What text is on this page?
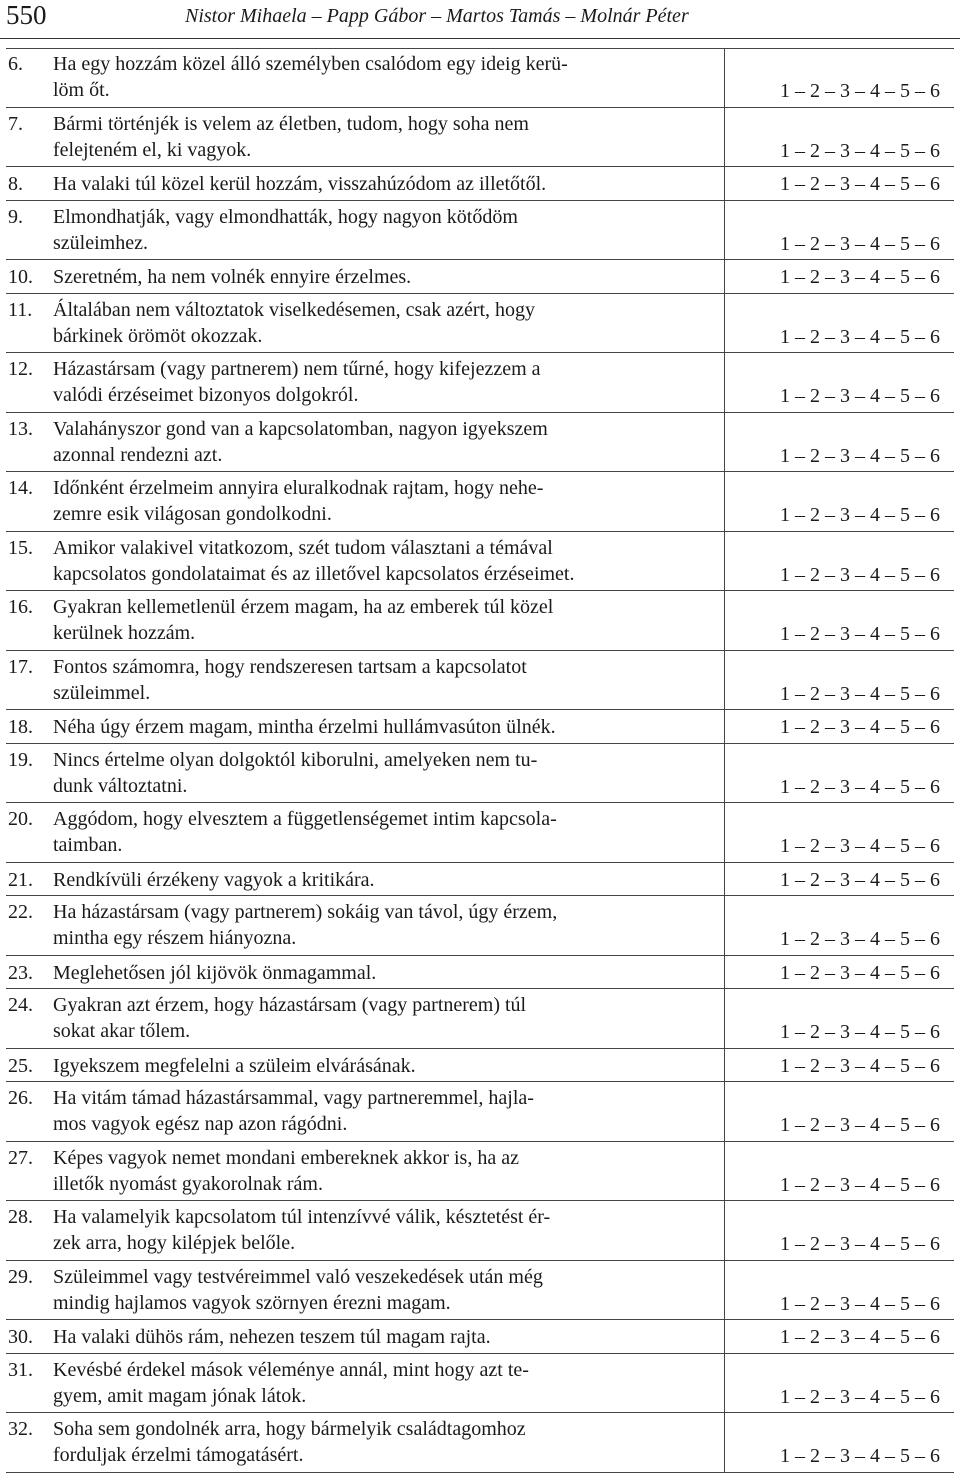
550	Nistor Mihaela – Papp Gábor – Martos Tamás – Molnár Péter
6. Ha egy hozzám közel álló személyben csalódom egy ideig kerü-
löm őt.	1 – 2 – 3 – 4 – 5 – 6
7. Bármi történjék is velem az életben, tudom, hogy soha nem
felejteném el, ki vagyok.	1 – 2 – 3 – 4 – 5 – 6
8. Ha valaki túl közel kerül hozzám, visszahúzódom az illetőtől.	1 – 2 – 3 – 4 – 5 – 6
9. Elmondhatják, vagy elmondhatták, hogy nagyon kötődöm
szüleimhez.	1 – 2 – 3 – 4 – 5 – 6
10. Szeretném, ha nem volnék ennyire érzelmes.	1 – 2 – 3 – 4 – 5 – 6
11. Általában nem változtatok viselkedésemen, csak azért, hogy
bárkinek örömöt okozzak.	1 – 2 – 3 – 4 – 5 – 6
12. Házastársam (vagy partnerem) nem tűrné, hogy kifejezzem a
valódi érzéseimet bizonyos dolgokról.	1 – 2 – 3 – 4 – 5 – 6
13. Valahányszor gond van a kapcsolatomban, nagyon igyekszem
azonnal rendezni azt.	1 – 2 – 3 – 4 – 5 – 6
14. Időnként érzelmeim annyira eluralkodnak rajtam, hogy nehe-
zemre esik világosan gondolkodni.	1 – 2 – 3 – 4 – 5 – 6
15. Amikor valakivel vitatkozom, szét tudom választani a témával
kapcsolatos gondolataimat és az illetővel kapcsolatos érzéseimet.	1 – 2 – 3 – 4 – 5 – 6
16. Gyakran kellemetlenül érzem magam, ha az emberek túl közel
kerülnek hozzám.	1 – 2 – 3 – 4 – 5 – 6
17. Fontos számomra, hogy rendszeresen tartsam a kapcsolatot
szüleimmel.	1 – 2 – 3 – 4 – 5 – 6
18. Néha úgy érzem magam, mintha érzelmi hullámvasúton ülnék.	1 – 2 – 3 – 4 – 5 – 6
19. Nincs értelme olyan dolgoktól kiborulni, amelyeken nem tu-
dunk változtatni.	1 – 2 – 3 – 4 – 5 – 6
20. Aggódom, hogy elvesztem a függetlenségemet intim kapcsola-
taimban.	1 – 2 – 3 – 4 – 5 – 6
21. Rendkívüli érzékeny vagyok a kritikára.	1 – 2 – 3 – 4 – 5 – 6
22. Ha házastársam (vagy partnerem) sokáig van távol, úgy érzem,
mintha egy részem hiányozna.	1 – 2 – 3 – 4 – 5 – 6
23. Meglehetősen jól kijövök önmagammal.	1 – 2 – 3 – 4 – 5 – 6
24. Gyakran azt érzem, hogy házastársam (vagy partnerem) túl
sokat akar tőlem.	1 – 2 – 3 – 4 – 5 – 6
25. Igyekszem megfelelni a szüleim elvárásának.	1 – 2 – 3 – 4 – 5 – 6
26. Ha vitám támad házastársammal, vagy partneremmel, hajla-
mos vagyok egész nap azon rágódni.	1 – 2 – 3 – 4 – 5 – 6
27. Képes vagyok nemet mondani embereknek akkor is, ha az
illetők nyomást gyakorolnak rám.	1 – 2 – 3 – 4 – 5 – 6
28. Ha valamelyik kapcsolatom túl intenzívvé válik, késztetést ér-
zek arra, hogy kilépjek belőle.	1 – 2 – 3 – 4 – 5 – 6
29. Szüleimmel vagy testvéreimmel való veszekedések után még
mindig hajlamos vagyok szörnyen érezni magam.	1 – 2 – 3 – 4 – 5 – 6
30. Ha valaki dühös rám, nehezen teszem túl magam rajta.	1 – 2 – 3 – 4 – 5 – 6
31. Kevésbé érdekel mások véleménye annál, mint hogy azt te-
gyem, amit magam jónak látok.	1 – 2 – 3 – 4 – 5 – 6
32. Soha sem gondolnék arra, hogy bármelyik családtagomhoz
forduljak érzelmi támogatásért.	1 – 2 – 3 – 4 – 5 – 6
